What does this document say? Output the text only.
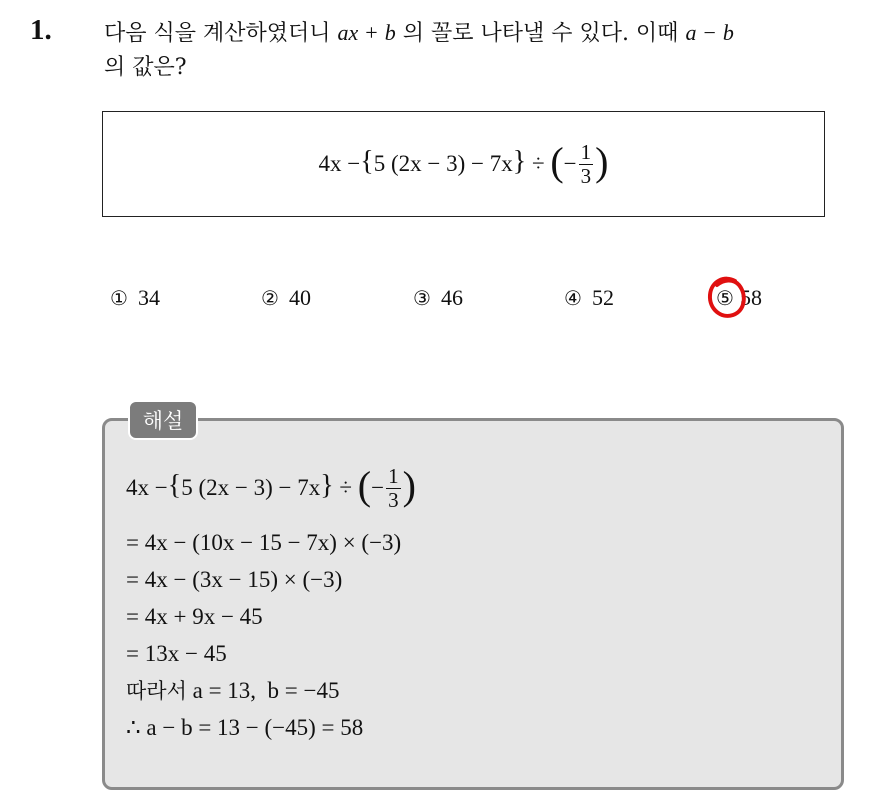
1. 다음 식을 계산하였더니 ax + b 의 꼴로 나타낼 수 있다. 이때 a − b
의 값은?
4x − { 5 (2x − 3) − 7x } ÷ ( − $\frac{1}{3}$ )
① 34	② 40	③ 46	④ 52	⑤ 58
해설
4x − { 5 (2x − 3) − 7x } ÷ ( − $\frac{1}{3}$ )
= 4x − (10x − 15 − 7x) × (−3)
= 4x − (3x − 15) × (−3)
= 4x + 9x − 45
= 13x − 45
따라서 a = 13,  b = −45
∴ a − b = 13 − (−45) = 58
